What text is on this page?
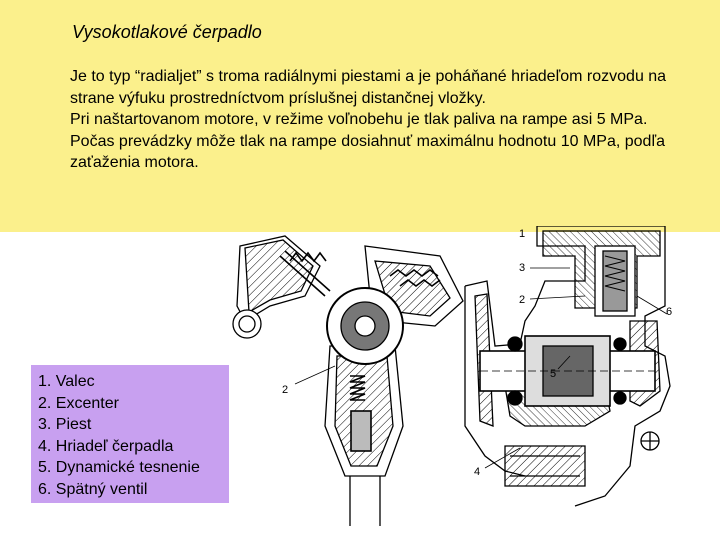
Vysokotlakové čerpadlo

Je to typ “radialjet” s troma radiálnymi piestami a je poháňané hriadeľom rozvodu na strane výfuku prostredníctvom príslušnej distančnej vložky.

Pri naštartovanom motore, v režime voľnobehu je tlak paliva na rampe asi 5 MPa.

Počas prevádzky môže tlak na rampe dosiahnuť maximálnu hodnotu 10 MPa, podľa zaťaženia motora.

2
1
3
2
6
5
4
1. Valec
2. Excenter
3. Piest
4. Hriadeľ čerpadla
5. Dynamické tesnenie
6. Spätný ventil
